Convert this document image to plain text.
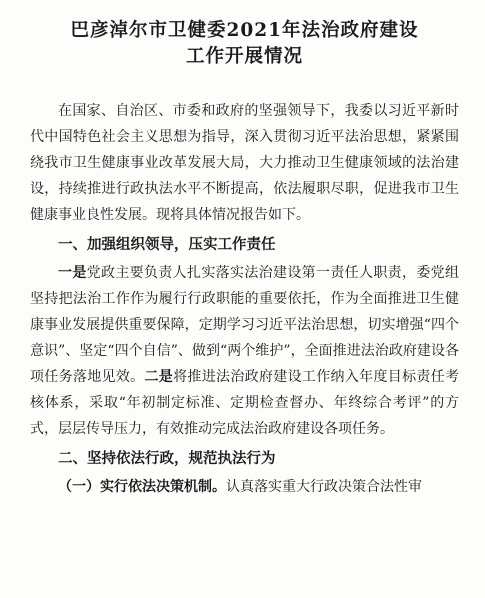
巴彦淖尔市卫健委2021年法治政府建设
工作开展情况

在国家、自治区、市委和政府的坚强领导下，我委以习近平新时代中国特色社会主义思想为指导，深入贯彻习近平法治思想，紧紧围绕我市卫生健康事业改革发展大局，大力推动卫生健康领域的法治建设，持续推进行政执法水平不断提高，依法履职尽职，促进我市卫生健康事业良性发展。现将具体情况报告如下。

一、加强组织领导，压实工作责任

一是党政主要负责人扎实落实法治建设第一责任人职责，委党组坚持把法治工作作为履行行政职能的重要依托，作为全面推进卫生健康事业发展提供重要保障，定期学习习近平法治思想，切实增强“四个意识”、坚定“四个自信”、做到“两个维护”，全面推进法治政府建设各项任务落地见效。二是将推进法治政府建设工作纳入年度目标责任考核体系，采取“年初制定标准、定期检查督办、年终综合考评”的方式，层层传导压力，有效推动完成法治政府建设各项任务。

二、坚持依法行政，规范执法行为

（一）实行依法决策机制。认真落实重大行政决策合法性审
